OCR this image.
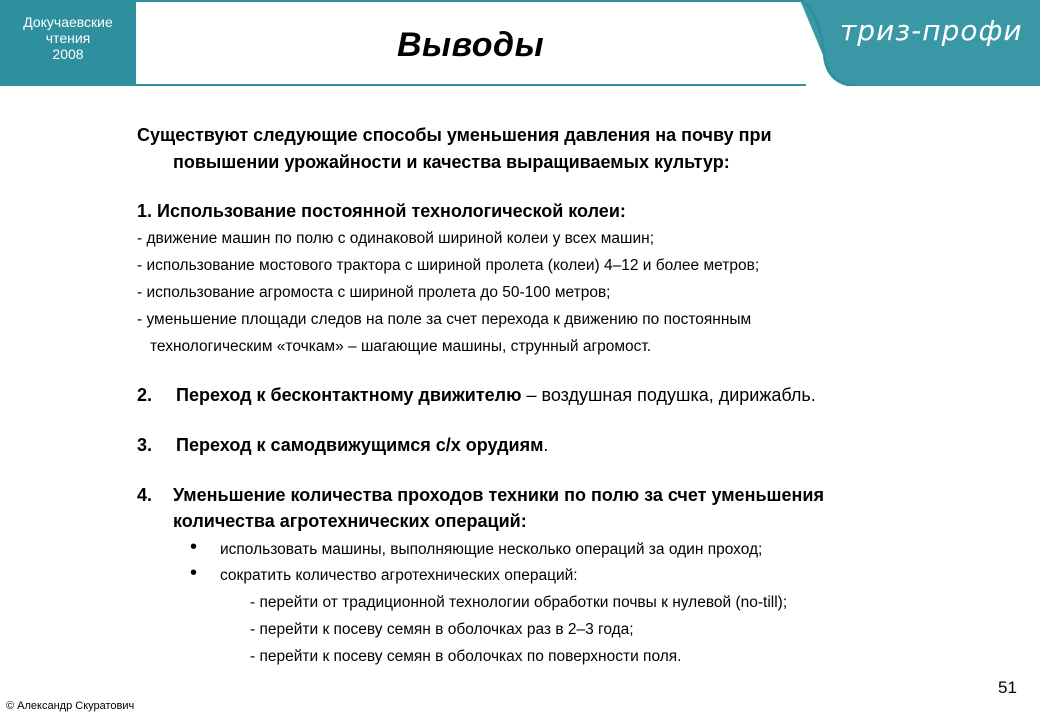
Докучаевские
чтения
2008	Выводы	триз-профи
Существуют следующие способы уменьшения давления на почву при
повышении урожайности и качества выращиваемых культур:
1. Использование постоянной технологической колеи:
- движение машин по полю с одинаковой шириной колеи у всех машин;
- использование мостового трактора с шириной пролета (колеи) 4–12 и более метров;
- использование агромоста с шириной пролета до 50-100 метров;
- уменьшение площади следов на поле за счет перехода к движению по постоянным
технологическим «точкам» – шагающие машины, струнный агромост.
2. Переход к бесконтактному движителю – воздушная подушка, дирижабль.
3. Переход к самодвижущимся с/х орудиям.
4. Уменьшение количества проходов техники по полю за счет уменьшения
количества агротехнических операций:
• использовать машины, выполняющие несколько операций за один проход;
• сократить количество агротехнических операций:
- перейти от традиционной технологии обработки почвы к нулевой (no-till);
- перейти к посеву семян в оболочках раз в 2–3 года;
- перейти к посеву семян в оболочках по поверхности поля.
51
© Александр Скуратович
